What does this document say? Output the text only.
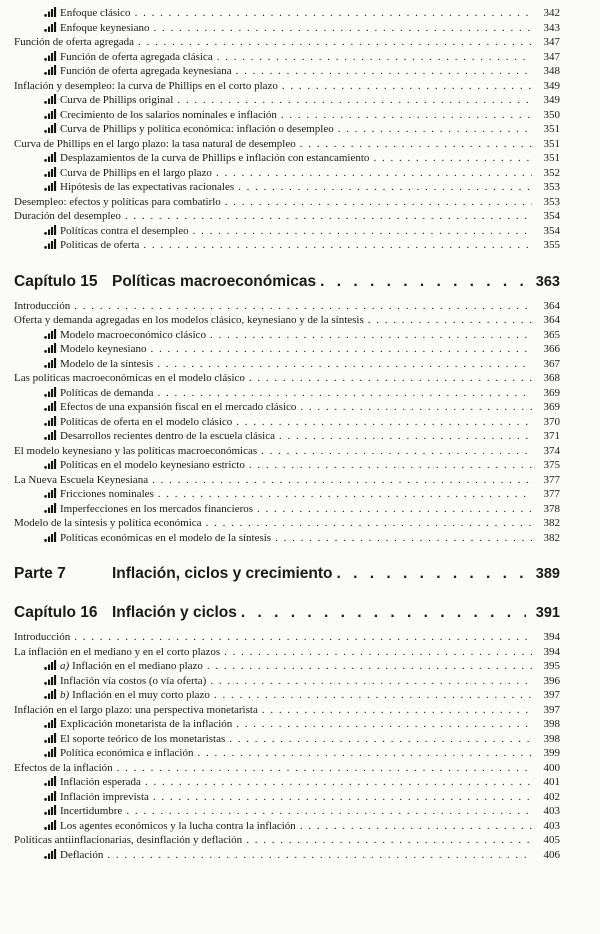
Enfoque clásico . . .	342
Enfoque keynesiano . . .	343
Función de oferta agregada . . .	347
Función de oferta agregada clásica . . .	347
Función de oferta agregada keynesiana . . .	348
Inflación y desempleo: la curva de Phillips en el corto plazo . . .	349
Curva de Phillips original . . .	349
Crecimiento de los salarios nominales e inflación . . .	350
Curva de Phillips y política económica: inflación o desempleo . . .	351
Curva de Phillips en el largo plazo: la tasa natural de desempleo . . .	351
Desplazamientos de la curva de Phillips e inflación con estancamiento . . .	351
Curva de Phillips en el largo plazo . . .	352
Hipótesis de las expectativas racionales . . .	353
Desempleo: efectos y políticas para combatirlo . . .	353
Duración del desempleo . . .	354
Políticas contra el desempleo . . .	354
Políticas de oferta . . .	355
Capítulo 15 Políticas macroeconómicas . . .	363
Introducción . . .	364
Oferta y demanda agregadas en los modelos clásico, keynesiano y de la síntesis . . .	364
Modelo macroeconómico clásico . . .	365
Modelo keynesiano . . .	366
Modelo de la síntesis . . .	367
Las políticas macroeconómicas en el modelo clásico . . .	368
Políticas de demanda . . .	369
Efectos de una expansión fiscal en el mercado clásico . . .	369
Políticas de oferta en el modelo clásico . . .	370
Desarrollos recientes dentro de la escuela clásica . . .	371
El modelo keynesiano y las políticas macroeconómicas . . .	374
Políticas en el modelo keynesiano estricto . . .	375
La Nueva Escuela Keynesiana . . .	377
Fricciones nominales . . .	377
Imperfecciones en los mercados financieros . . .	378
Modelo de la síntesis y política económica . . .	382
Políticas económicas en el modelo de la síntesis . . .	382
Parte 7	Inflación, ciclos y crecimiento . . .	389
Capítulo 16 Inflación y ciclos . . .	391
Introducción . . .	394
La inflación en el mediano y en el corto plazos . . .	394
a) Inflación en el mediano plazo . . .	395
Inflación vía costos (o vía oferta) . . .	396
b) Inflación en el muy corto plazo . . .	397
Inflación en el largo plazo: una perspectiva monetarista . . .	397
Explicación monetarista de la inflación . . .	398
El soporte teórico de los monetaristas . . .	398
Política económica e inflación . . .	399
Efectos de la inflación . . .	400
Inflación esperada . . .	401
Inflación imprevista . . .	402
Incertidumbre . . .	403
Los agentes económicos y la lucha contra la inflación . . .	403
Políticas antiinflacionarias, desinflación y deflación . . .	405
Deflación . . .	406
